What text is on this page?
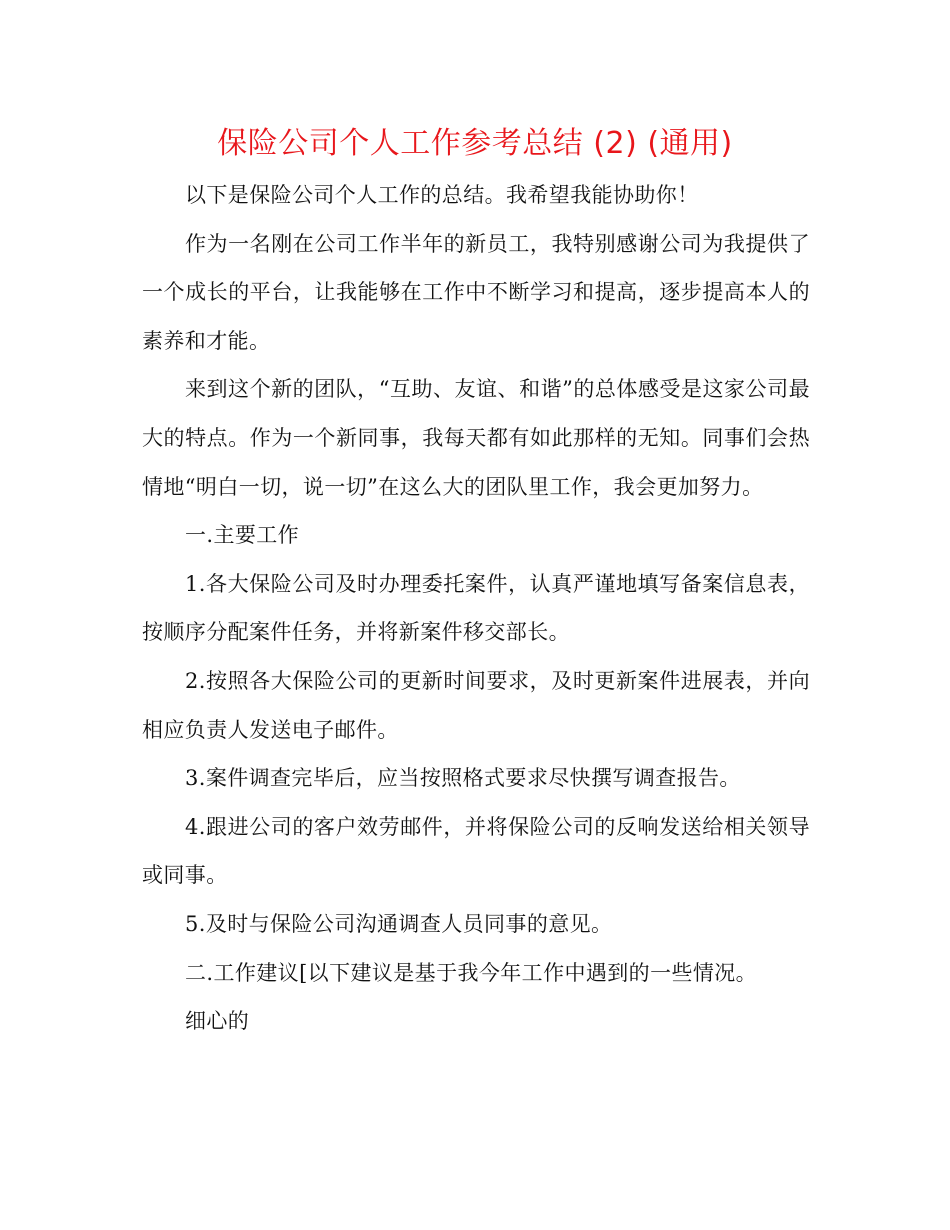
保险公司个人工作参考总结 (2) (通用)

以下是保险公司个人工作的总结。我希望我能协助你！

作为一名刚在公司工作半年的新员工，我特别感谢公司为我提供了一个成长的平台，让我能够在工作中不断学习和提高，逐步提高本人的素养和才能。

来到这个新的团队，“互助、友谊、和谐”的总体感受是这家公司最大的特点。作为一个新同事，我每天都有如此那样的无知。同事们会热情地“明白一切，说一切”在这么大的团队里工作，我会更加努力。

一.主要工作

1.各大保险公司及时办理委托案件，认真严谨地填写备案信息表，按顺序分配案件任务，并将新案件移交部长。

2.按照各大保险公司的更新时间要求，及时更新案件进展表，并向相应负责人发送电子邮件。

3.案件调查完毕后，应当按照格式要求尽快撰写调查报告。

4.跟进公司的客户效劳邮件，并将保险公司的反响发送给相关领导或同事。

5.及时与保险公司沟通调查人员同事的意见。

二.工作建议[以下建议是基于我今年工作中遇到的一些情况。

细心的
